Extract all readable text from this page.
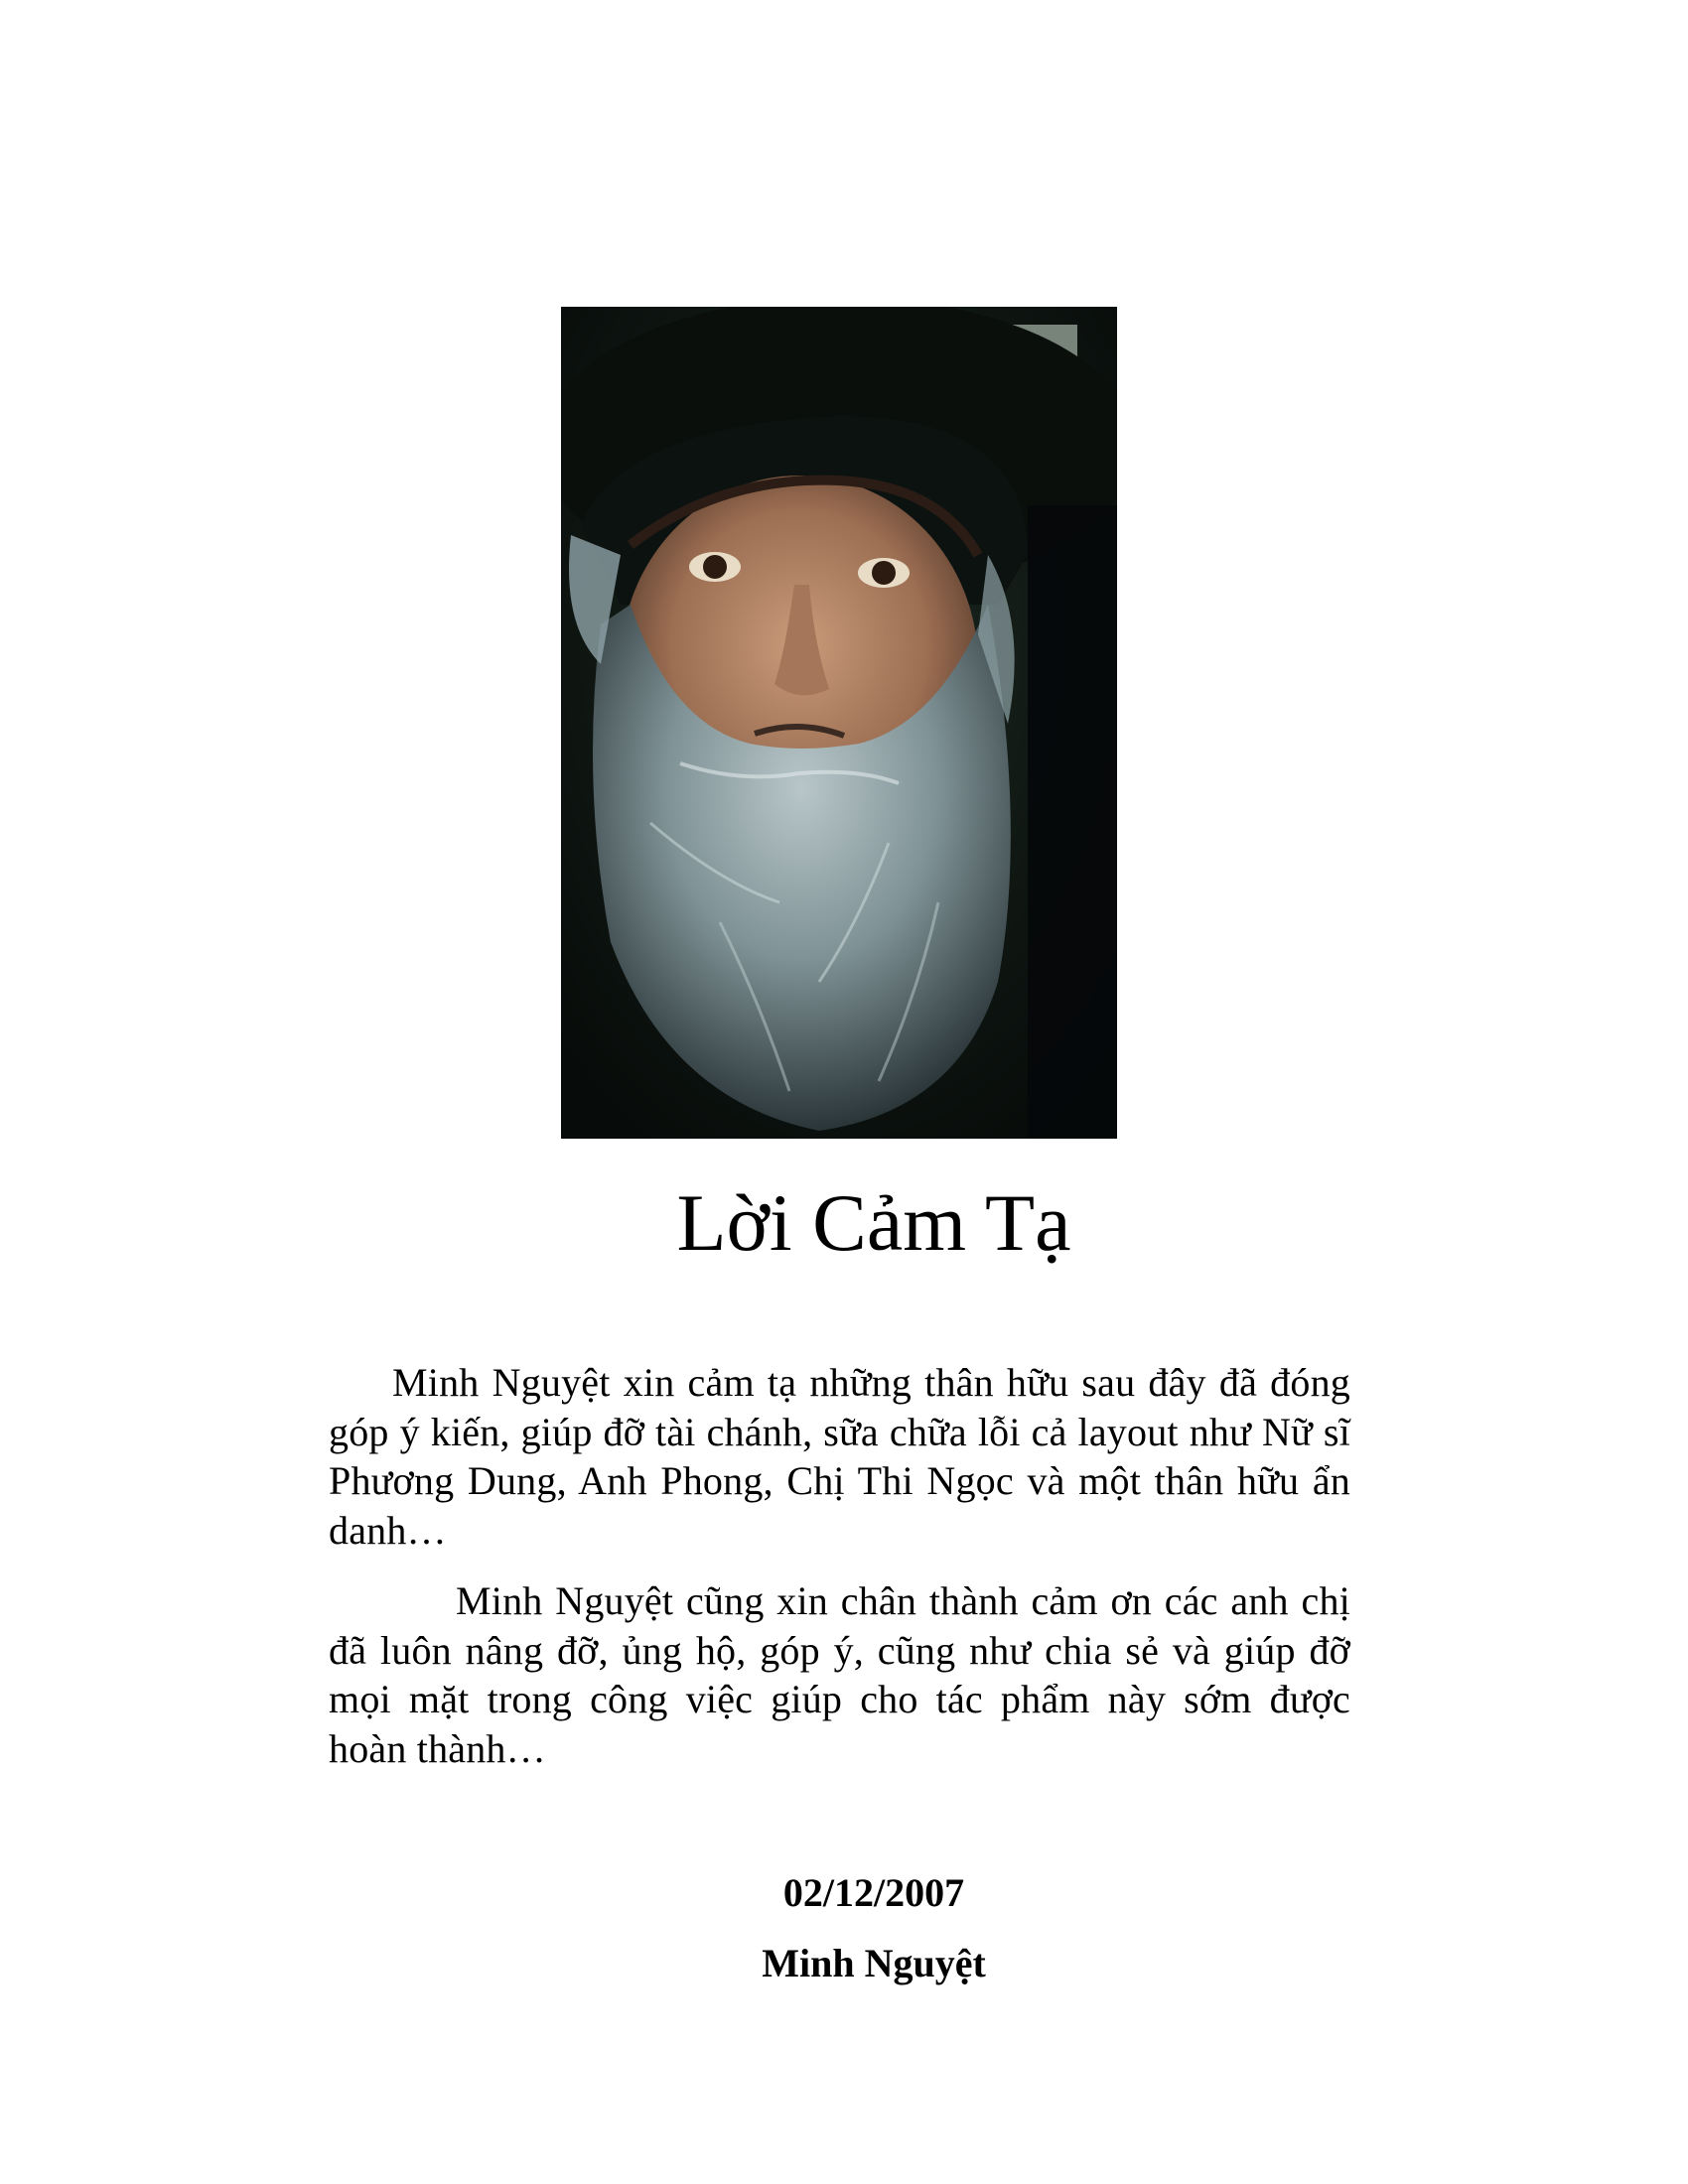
Lời Cảm Tạ

Minh Nguyệt xin cảm tạ những thân hữu sau đây đã đóng góp ý kiến, giúp đỡ tài chánh, sữa chữa lỗi cả layout như Nữ sĩ Phương Dung, Anh Phong, Chị Thi Ngọc và một thân hữu ẩn danh…

Minh Nguyệt cũng xin chân thành cảm ơn các anh chị đã luôn nâng đỡ, ủng hộ, góp ý, cũng như chia sẻ và giúp đỡ mọi mặt trong công việc giúp cho tác phẩm này sớm được hoàn thành…

02/12/2007
Minh Nguyệt
